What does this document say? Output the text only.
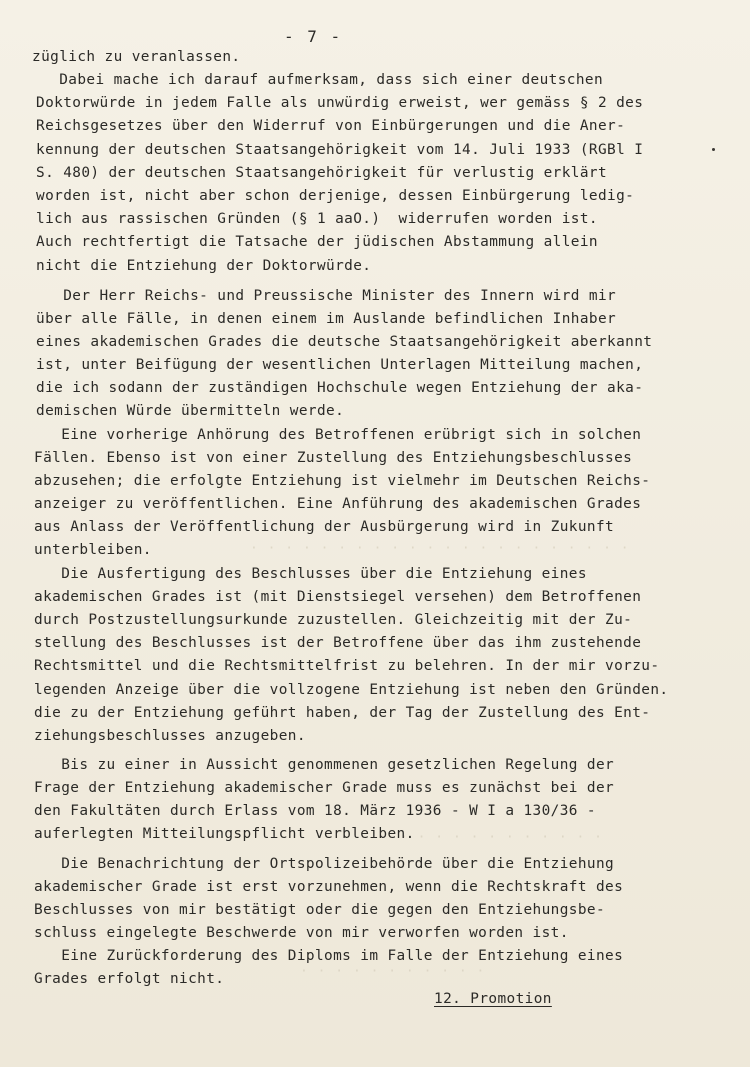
- 7 -
· · · · · · · · · · · · · · · · · · · · · ·
· · · · · · · · · · · ·
· · · · · · · · · · ·
züglich zu veranlassen.
Dabei mache ich darauf aufmerksam, dass sich einer deutschen
Doktorwürde in jedem Falle als unwürdig erweist, wer gemäss § 2 des
Reichsgesetzes über den Widerruf von Einbürgerungen und die Aner-
kennung der deutschen Staatsangehörigkeit vom 14. Juli 1933 (RGBl I
S. 480) der deutschen Staatsangehörigkeit für verlustig erklärt
worden ist, nicht aber schon derjenige, dessen Einbürgerung ledig-
lich aus rassischen Gründen (§ 1 aaO.)  widerrufen worden ist.
Auch rechtfertigt die Tatsache der jüdischen Abstammung allein
nicht die Entziehung der Doktorwürde.
Der Herr Reichs- und Preussische Minister des Innern wird mir
über alle Fälle, in denen einem im Auslande befindlichen Inhaber
eines akademischen Grades die deutsche Staatsangehörigkeit aberkannt
ist, unter Beifügung der wesentlichen Unterlagen Mitteilung machen,
die ich sodann der zuständigen Hochschule wegen Entziehung der aka-
demischen Würde übermitteln werde.
Eine vorherige Anhörung des Betroffenen erübrigt sich in solchen
Fällen. Ebenso ist von einer Zustellung des Entziehungsbeschlusses
abzusehen; die erfolgte Entziehung ist vielmehr im Deutschen Reichs-
anzeiger zu veröffentlichen. Eine Anführung des akademischen Grades
aus Anlass der Veröffentlichung der Ausbürgerung wird in Zukunft
unterbleiben.
Die Ausfertigung des Beschlusses über die Entziehung eines
akademischen Grades ist (mit Dienstsiegel versehen) dem Betroffenen
durch Postzustellungsurkunde zuzustellen. Gleichzeitig mit der Zu-
stellung des Beschlusses ist der Betroffene über das ihm zustehende
Rechtsmittel und die Rechtsmittelfrist zu belehren. In der mir vorzu-
legenden Anzeige über die vollzogene Entziehung ist neben den Gründen.
die zu der Entziehung geführt haben, der Tag der Zustellung des Ent-
ziehungsbeschlusses anzugeben.
Bis zu einer in Aussicht genommenen gesetzlichen Regelung der
Frage der Entziehung akademischer Grade muss es zunächst bei der
den Fakultäten durch Erlass vom 18. März 1936 - W I a 130/36 -
auferlegten Mitteilungspflicht verbleiben.
Die Benachrichtung der Ortspolizeibehörde über die Entziehung
akademischer Grade ist erst vorzunehmen, wenn die Rechtskraft des
Beschlusses von mir bestätigt oder die gegen den Entziehungsbe-
schluss eingelegte Beschwerde von mir verworfen worden ist.
Eine Zurückforderung des Diploms im Falle der Entziehung eines
Grades erfolgt nicht.
12. Promotion
